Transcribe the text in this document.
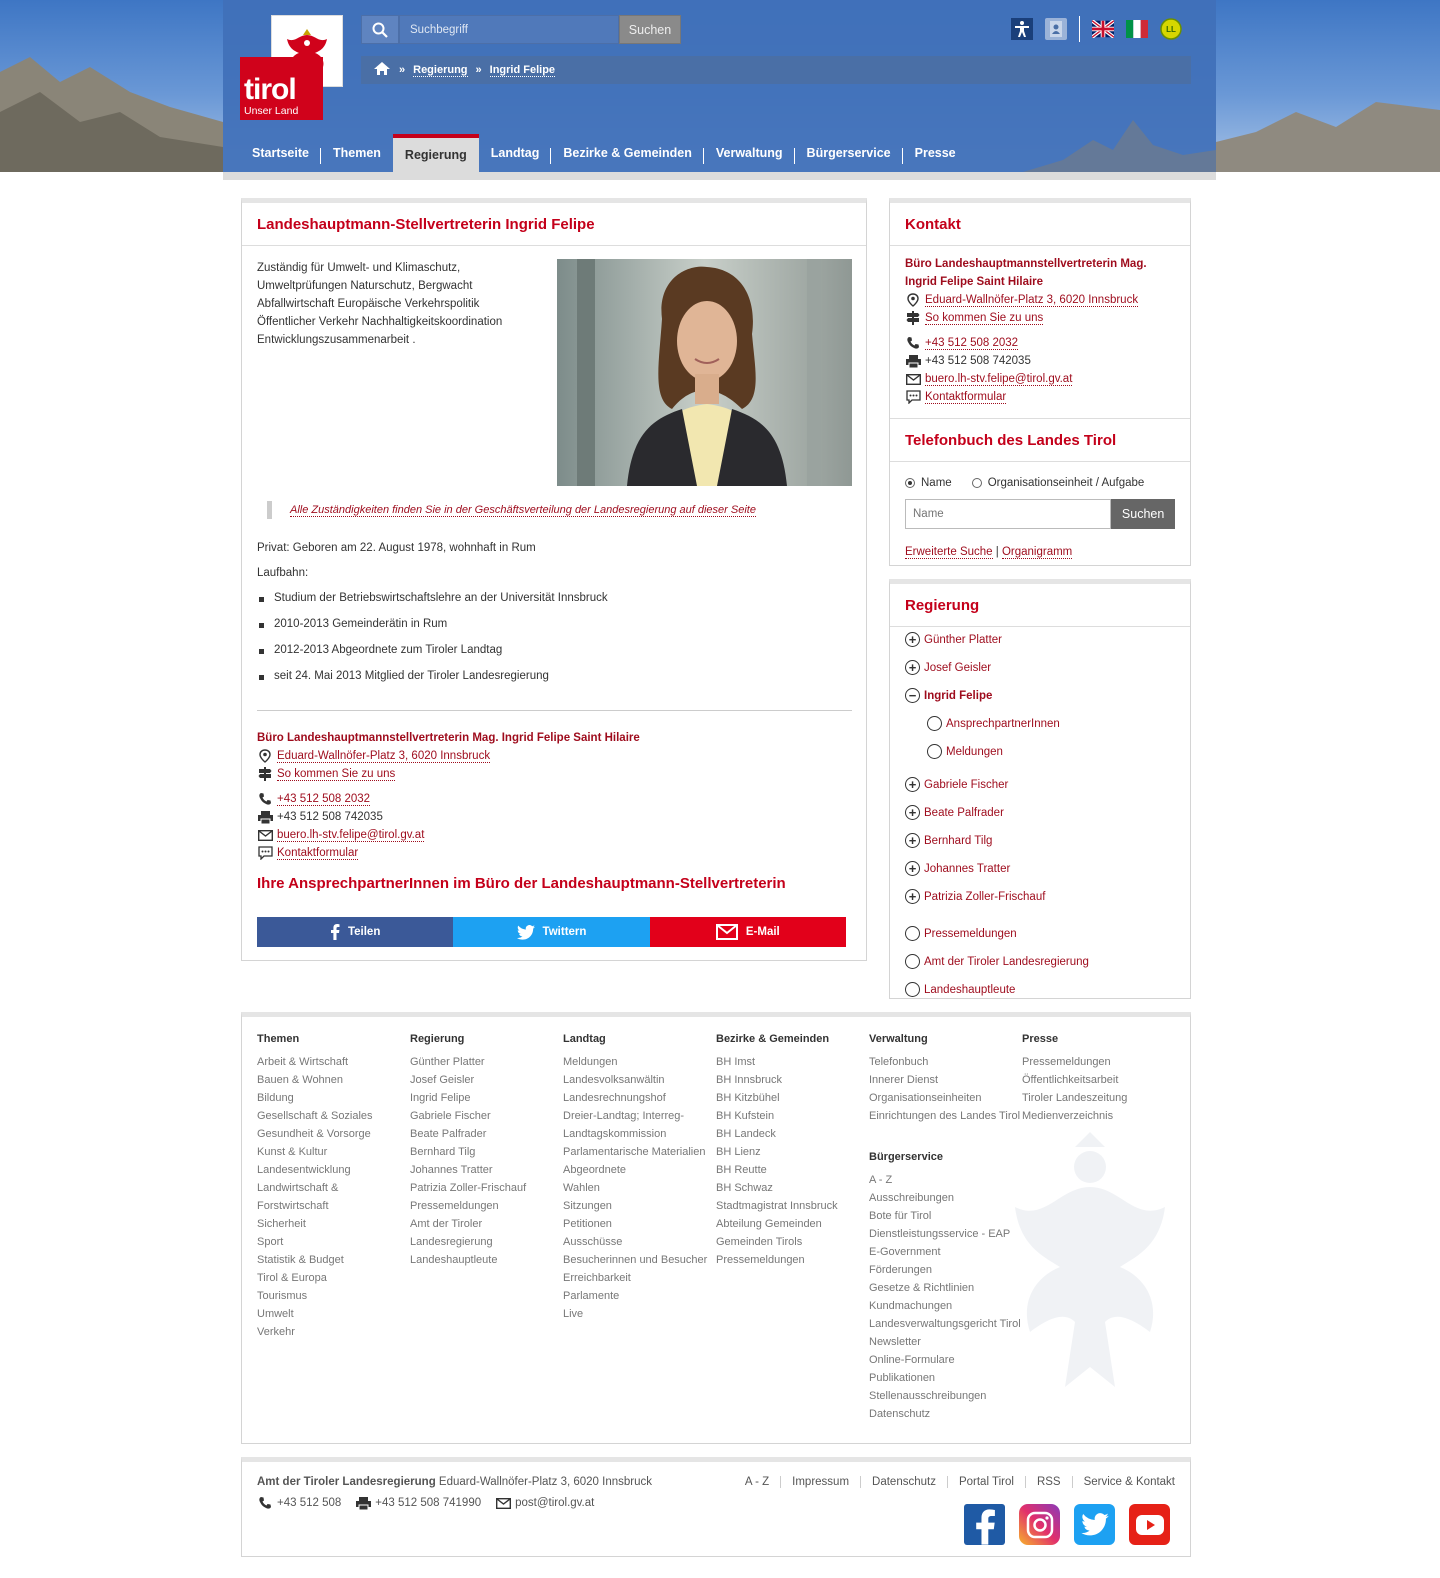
tirol
Unser Land
Suchbegriff
Suchen	LL
» Regierung » Ingrid Felipe
Startseite	Themen	Regierung	Landtag	Bezirke & Gemeinden	Verwaltung	Bürgerservice	Presse
Landeshauptmann-Stellvertreterin Ingrid Felipe

Zuständig für Umwelt- und Klimaschutz, Umweltprüfungen Naturschutz, Bergwacht Abfallwirtschaft Europäische Verkehrspolitik Öffentlicher Verkehr Nachhaltigkeitskoordination Entwicklungszusammenarbeit .

Alle Zuständigkeiten finden Sie in der Geschäftsverteilung der Landesregierung auf dieser Seite

Privat: Geboren am 22. August 1978, wohnhaft in Rum

Laufbahn:

Studium der Betriebswirtschaftslehre an der Universität Innsbruck
2010-2013 Gemeinderätin in Rum
2012-2013 Abgeordnete zum Tiroler Landtag
seit 24. Mai 2013 Mitglied der Tiroler Landesregierung
Büro Landeshauptmannstellvertreterin Mag. Ingrid Felipe Saint Hilaire
Eduard-Wallnöfer-Platz 3, 6020 Innsbruck
So kommen Sie zu uns
+43 512 508 2032
+43 512 508 742035
buero.lh-stv.felipe@tirol.gv.at
Kontaktformular
Ihre AnsprechpartnerInnen im Büro der Landeshauptmann-Stellvertreterin
Teilen	Twittern	E-Mail
Kontakt
Büro Landeshauptmannstellvertreterin Mag.
Ingrid Felipe Saint Hilaire
Eduard-Wallnöfer-Platz 3, 6020 Innsbruck
So kommen Sie zu uns
+43 512 508 2032
+43 512 508 742035
buero.lh-stv.felipe@tirol.gv.at
Kontaktformular
Telefonbuch des Landes Tirol
Name	Organisationseinheit / Aufgabe
Name
Suchen
Erweiterte Suche | Organigramm
Regierung
+ Günther Platter
+ Josef Geisler
− Ingrid Felipe
AnsprechpartnerInnen
Meldungen
+ Gabriele Fischer
+ Beate Palfrader
+ Bernhard Tilg
+ Johannes Tratter
+ Patrizia Zoller-Frischauf
Pressemeldungen
Amt der Tiroler Landesregierung
Landeshauptleute
Themen
Arbeit & Wirtschaft
Bauen & Wohnen
Bildung
Gesellschaft & Soziales
Gesundheit & Vorsorge
Kunst & Kultur
Landesentwicklung
Landwirtschaft &
Forstwirtschaft
Sicherheit
Sport
Statistik & Budget
Tirol & Europa
Tourismus
Umwelt
Verkehr
Regierung
Günther Platter
Josef Geisler
Ingrid Felipe
Gabriele Fischer
Beate Palfrader
Bernhard Tilg
Johannes Tratter
Patrizia Zoller-Frischauf
Pressemeldungen
Amt der Tiroler
Landesregierung
Landeshauptleute
Landtag
Meldungen
Landesvolksanwältin
Landesrechnungshof
Dreier-Landtag; Interreg-
Landtagskommission
Parlamentarische Materialien
Abgeordnete
Wahlen
Sitzungen
Petitionen
Ausschüsse
Besucherinnen und Besucher
Erreichbarkeit
Parlamente
Live
Bezirke & Gemeinden
BH Imst
BH Innsbruck
BH Kitzbühel
BH Kufstein
BH Landeck
BH Lienz
BH Reutte
BH Schwaz
Stadtmagistrat Innsbruck
Abteilung Gemeinden
Gemeinden Tirols
Pressemeldungen
Verwaltung
Telefonbuch
Innerer Dienst
Organisationseinheiten
Einrichtungen des Landes Tirol
Presse
Pressemeldungen
Öffentlichkeitsarbeit
Tiroler Landeszeitung
Medienverzeichnis
Bürgerservice
A - Z
Ausschreibungen
Bote für Tirol
Dienstleistungsservice - EAP
E-Government
Förderungen
Gesetze & Richtlinien
Kundmachungen
Landesverwaltungsgericht Tirol
Newsletter
Online-Formulare
Publikationen
Stellenausschreibungen
Datenschutz
Amt der Tiroler Landesregierung Eduard-Wallnöfer-Platz 3, 6020 Innsbruck
+43 512 508	+43 512 508 741990	post@tirol.gv.at
A - Z	Impressum	Datenschutz	Portal Tirol	RSS	Service & Kontakt
